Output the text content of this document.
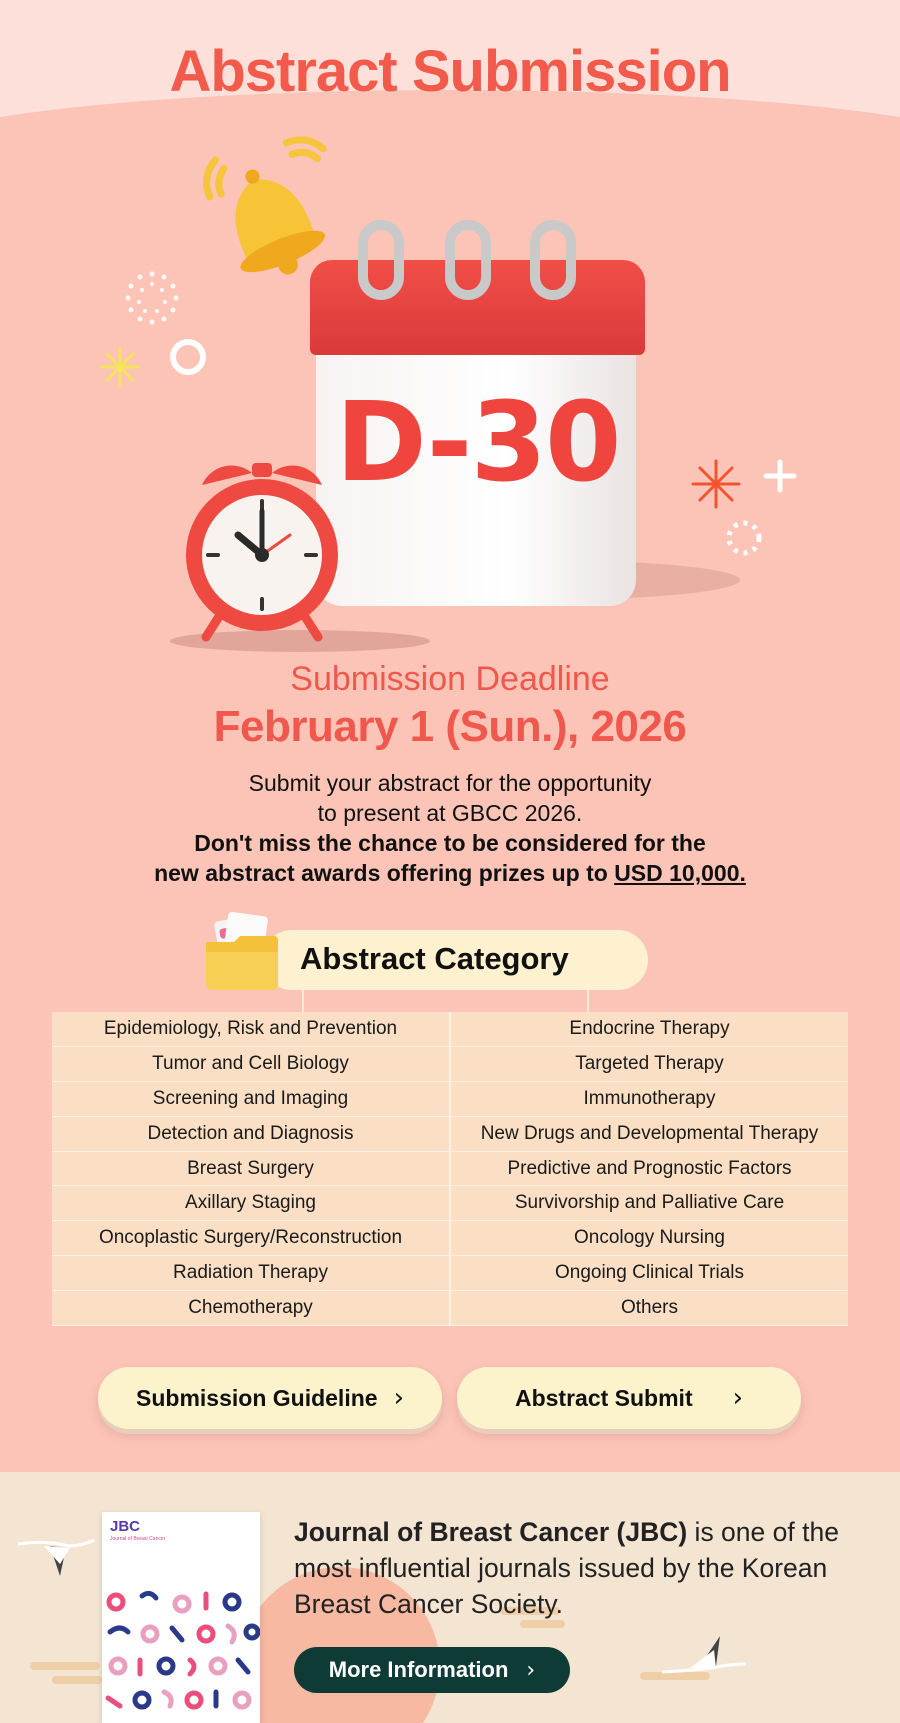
Abstract Submission
D-30
Submission Deadline
February 1 (Sun.), 2026
Submit your abstract for the opportunity
to present at GBCC 2026.
Don't miss the chance to be considered for the
new abstract awards offering prizes up to USD 10,000.
Abstract Category
Epidemiology, Risk and Prevention	Endocrine Therapy
Tumor and Cell Biology	Targeted Therapy
Screening and Imaging	Immunotherapy
Detection and Diagnosis	New Drugs and Developmental Therapy
Breast Surgery	Predictive and Prognostic Factors
Axillary Staging	Survivorship and Palliative Care
Oncoplastic Surgery/Reconstruction	Oncology Nursing
Radiation Therapy	Ongoing Clinical Trials
Chemotherapy	Others
Submission Guideline ›	Abstract Submit ›
JBC
Journal of Breast Cancer	Journal of Breast Cancer (JBC) is one of the most influential journals issued by the Korean Breast Cancer Society.
More Information ›
